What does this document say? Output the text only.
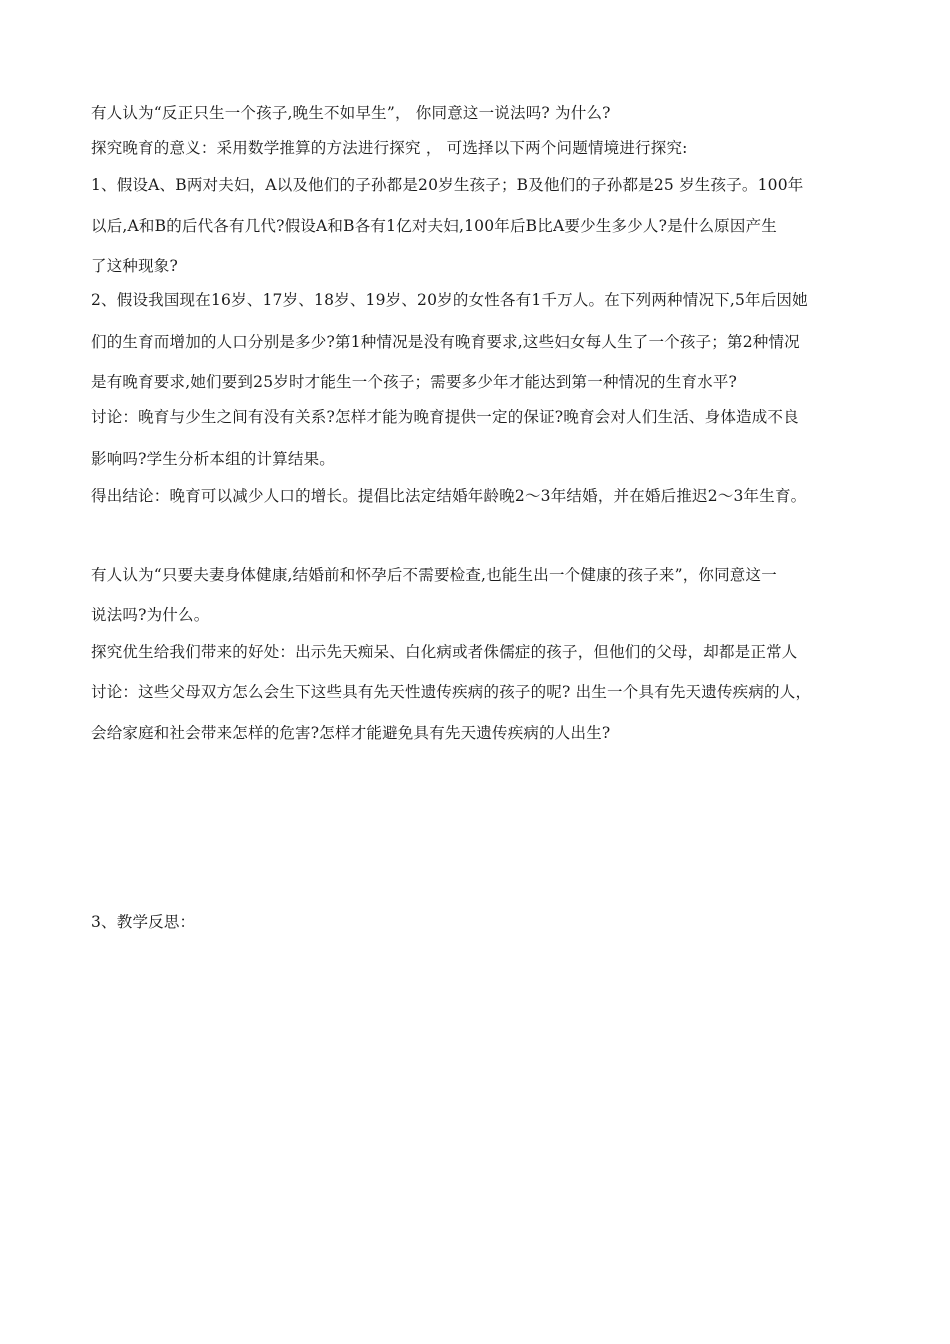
有人认为“反正只生一个孩子,晚生不如早生”， 你同意这一说法吗? 为什么?
探究晚育的意义：采用数学推算的方法进行探究 ， 可选择以下两个问题情境进行探究:
1、假设A、B两对夫妇，A以及他们的子孙都是20岁生孩子；B及他们的子孙都是25 岁生孩子。100年
以后,A和B的后代各有几代?假设A和B各有1亿对夫妇,100年后B比A要少生多少人?是什么原因产生
了这种现象?
2、假设我国现在16岁、17岁、18岁、19岁、20岁的女性各有1千万人。在下列两种情况下,5年后因她
们的生育而增加的人口分别是多少?第1种情况是没有晚育要求,这些妇女每人生了一个孩子；第2种情况
是有晚育要求,她们要到25岁时才能生一个孩子；需要多少年才能达到第一种情况的生育水平?
讨论：晚育与少生之间有没有关系?怎样才能为晚育提供一定的保证?晚育会对人们生活、身体造成不良
影响吗?学生分析本组的计算结果。
得出结论：晚育可以减少人口的增长。提倡比法定结婚年龄晚2～3年结婚，并在婚后推迟2～3年生育。
有人认为“只要夫妻身体健康,结婚前和怀孕后不需要检查,也能生出一个健康的孩子来”，你同意这一
说法吗?为什么。
探究优生给我们带来的好处：出示先天痴呆、白化病或者侏儒症的孩子，但他们的父母，却都是正常人
讨论：这些父母双方怎么会生下这些具有先天性遗传疾病的孩子的呢? 出生一个具有先天遗传疾病的人，
会给家庭和社会带来怎样的危害?怎样才能避免具有先天遗传疾病的人出生?
3、教学反思：
